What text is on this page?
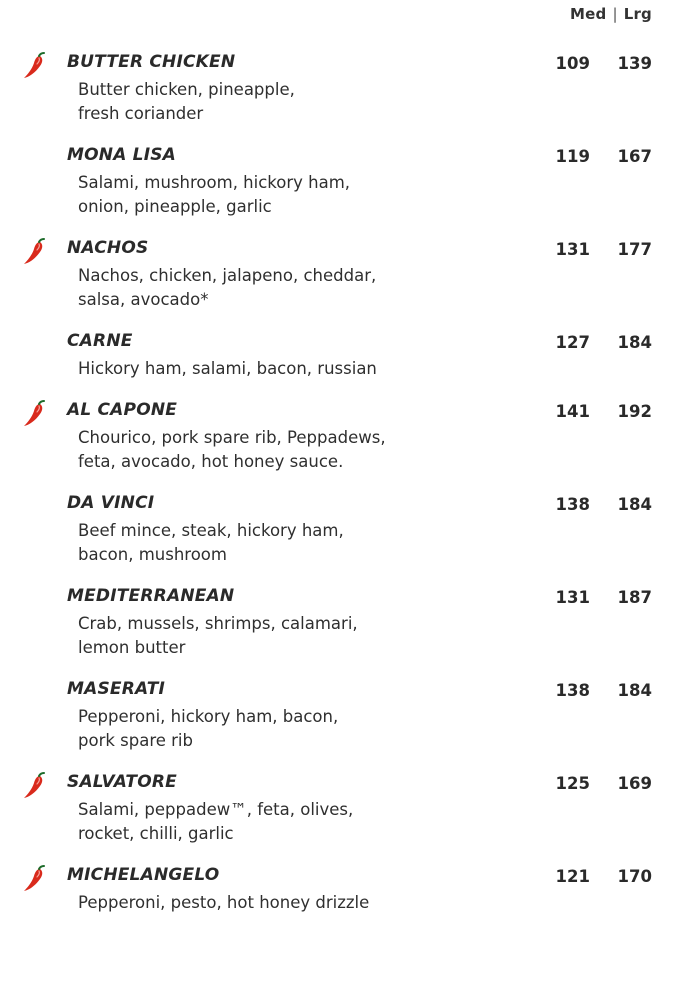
Med | Lrg
BUTTER CHICKEN
Butter chicken, pineapple,
fresh coriander
109 139
MONA LISA
Salami, mushroom, hickory ham,
onion, pineapple, garlic
119 167
NACHOS
Nachos, chicken, jalapeno, cheddar,
salsa, avocado*
131 177
CARNE
Hickory ham, salami, bacon, russian
127 184
AL CAPONE
Chourico, pork spare rib, Peppadews,
feta, avocado, hot honey sauce.
141 192
DA VINCI
Beef mince, steak, hickory ham,
bacon, mushroom
138 184
MEDITERRANEAN
Crab, mussels, shrimps, calamari,
lemon butter
131 187
MASERATI
Pepperoni, hickory ham, bacon,
pork spare rib
138 184
SALVATORE
Salami, peppadew™, feta, olives,
rocket, chilli, garlic
125 169
MICHELANGELO
Pepperoni, pesto, hot honey drizzle
121 170
